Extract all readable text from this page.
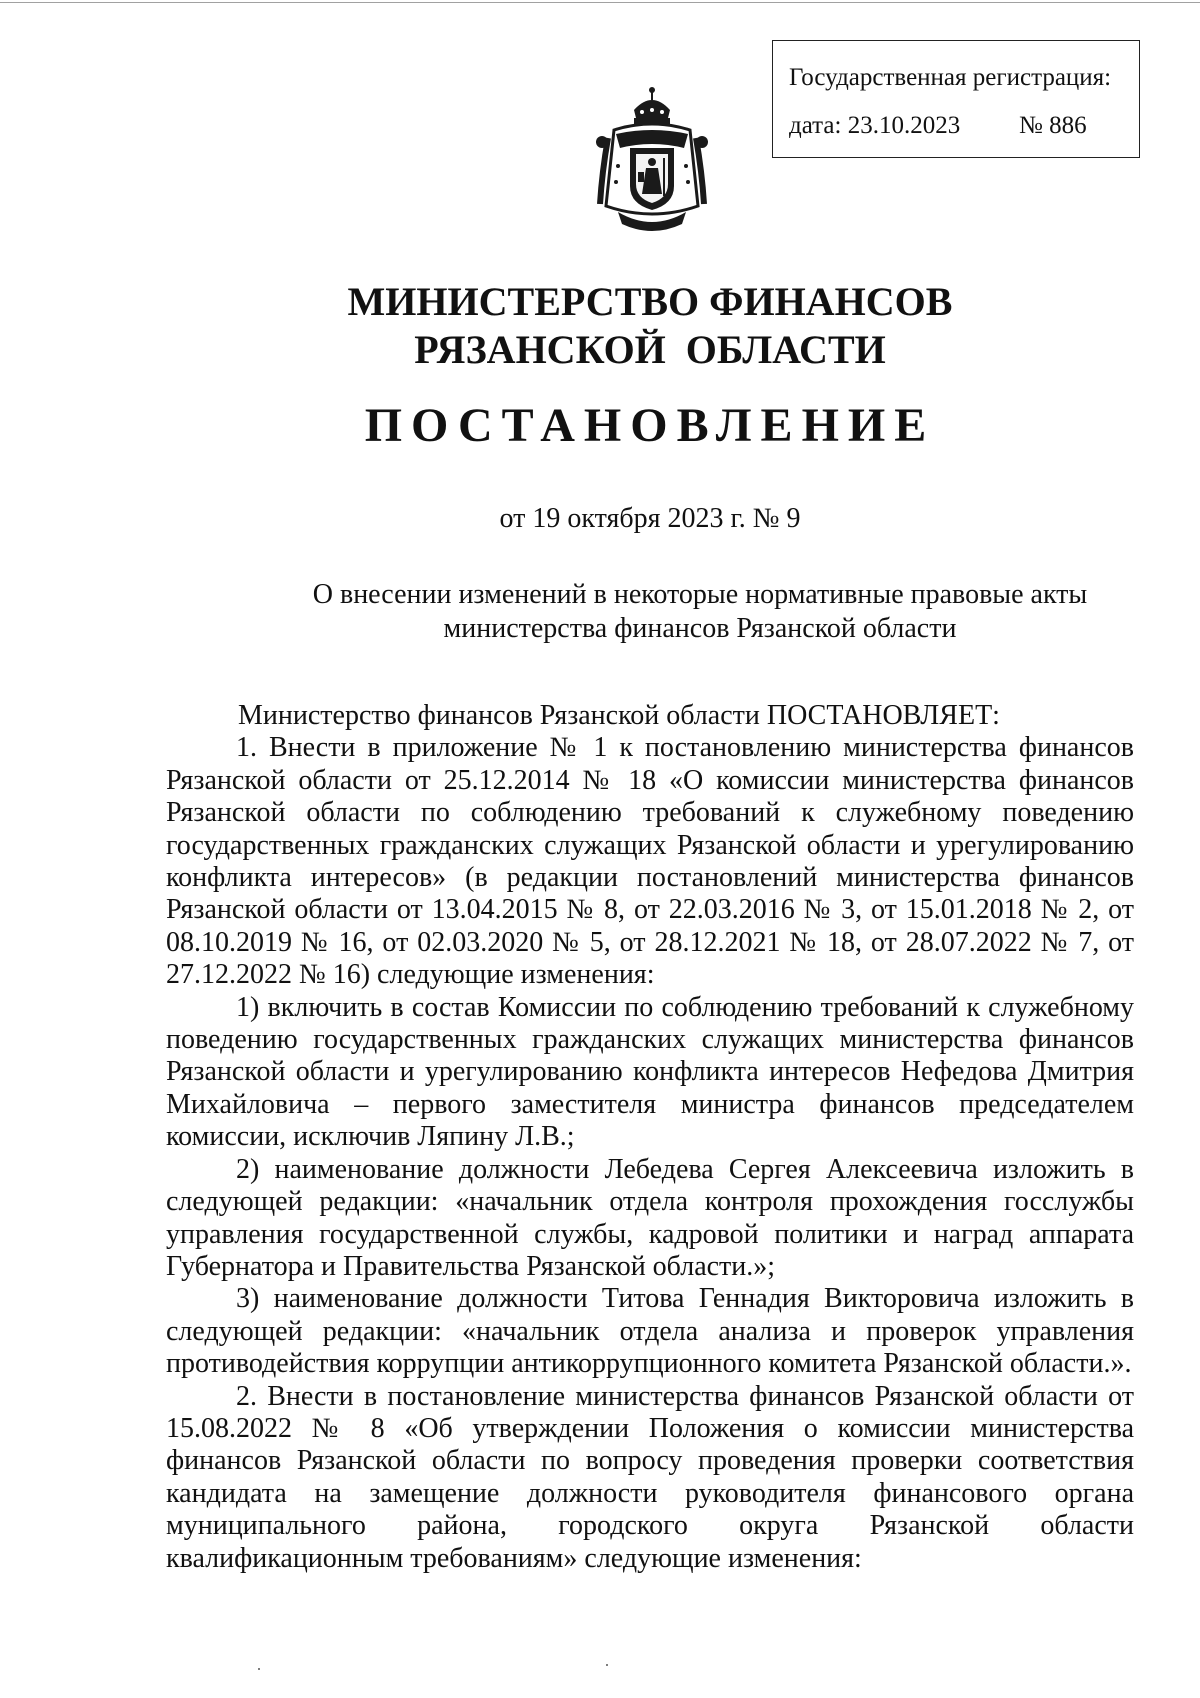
Государственная регистрация:
дата: 23.10.2023 № 886
МИНИСТЕРСТВО ФИНАНСОВ
РЯЗАНСКОЙ  ОБЛАСТИ
ПОСТАНОВЛЕНИЕ
от 19 октября 2023 г. № 9
О внесении изменений в некоторые нормативные правовые акты
министерства финансов Рязанской области

Министерство финансов Рязанской области ПОСТАНОВЛЯЕТ:

1. Внести в приложение № 1 к постановлению министерства финансов Рязанской области от 25.12.2014 № 18 «О комиссии министерства финансов Рязанской области по соблюдению требований к служебному поведению государственных гражданских служащих Рязанской области и урегулированию конфликта интересов» (в редакции постановлений министерства финансов Рязанской области от 13.04.2015 № 8, от 22.03.2016 № 3, от 15.01.2018 № 2, от 08.10.2019 № 16, от 02.03.2020 № 5, от 28.12.2021 № 18, от 28.07.2022 № 7, от 27.12.2022 № 16) следующие изменения:

1) включить в состав Комиссии по соблюдению требований к служебному поведению государственных гражданских служащих министерства финансов Рязанской области и урегулированию конфликта интересов Нефедова Дмитрия Михайловича – первого заместителя министра финансов председателем комиссии, исключив Ляпину Л.В.;

2) наименование должности Лебедева Сергея Алексеевича изложить в следующей редакции: «начальник отдела контроля прохождения госслужбы управления государственной службы, кадровой политики и наград аппарата Губернатора и Правительства Рязанской области.»;

3) наименование должности Титова Геннадия Викторовича изложить в следующей редакции: «начальник отдела анализа и проверок управления противодействия коррупции антикоррупционного комитета Рязанской области.».

2. Внести в постановление министерства финансов Рязанской области от 15.08.2022 № 8 «Об утверждении Положения о комиссии министерства финансов Рязанской области по вопросу проведения проверки соответствия кандидата на замещение должности руководителя финансового органа муниципального района, городского округа Рязанской области квалификационным требованиям» следующие изменения:
